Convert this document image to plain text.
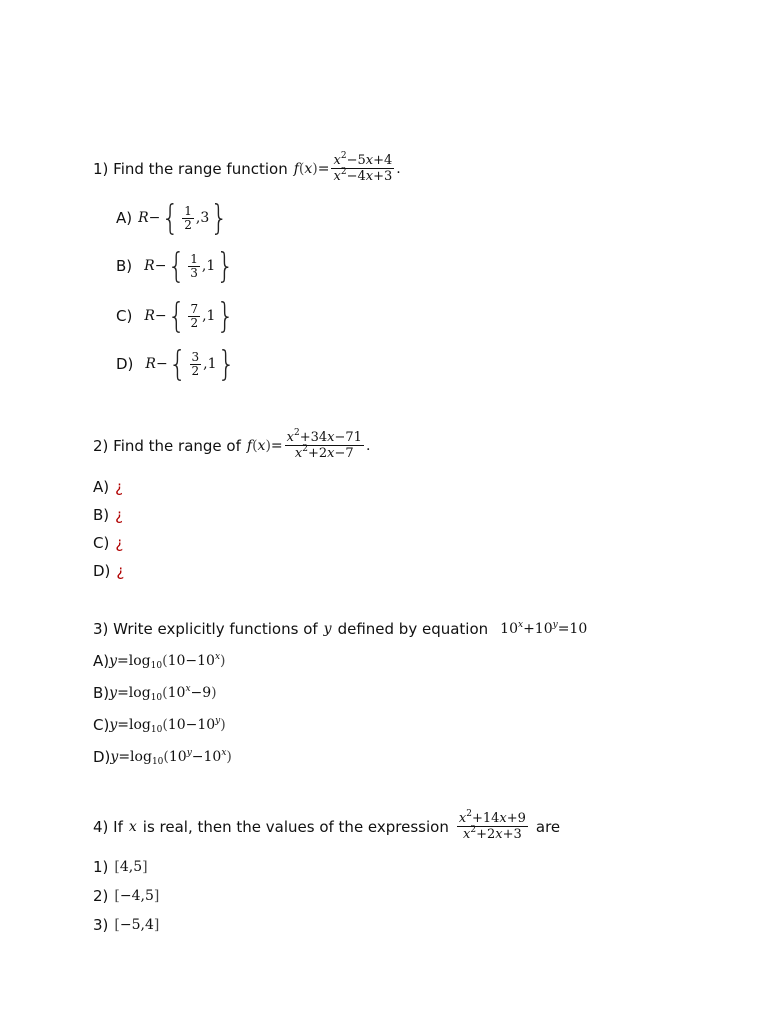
1) Find the range function $f(x)= \frac{x^2-5x+4}{x^2-4x+3}$ .
A) R− { $\frac{1}{2}$ , 3 }
B) R− { $\frac{1}{3}$ , 1 }
C) R− { $\frac{7}{2}$ , 1 }
D) R− { $\frac{3}{2}$ , 1 }
2) Find the range of $f(x)= \frac{x^2+34x-71}{x^2+2x-7}$ .
A) ¿
B) ¿
C) ¿
D) ¿
3) Write explicitly functions of y defined by equation $10^x+10^y=10$
A) $y=\log_{10}(10-10^x)$
B) $y=\log_{10}(10^x-9)$
C) $y=\log_{10}(10-10^y)$
D) $y=\log_{10}(10^y-10^x)$
4) If x is real, then the values of the expression $\frac{x^2+14x+9}{x^2+2x+3}$ are
1) [4,5]
2) [−4,5]
3) [−5,4]
